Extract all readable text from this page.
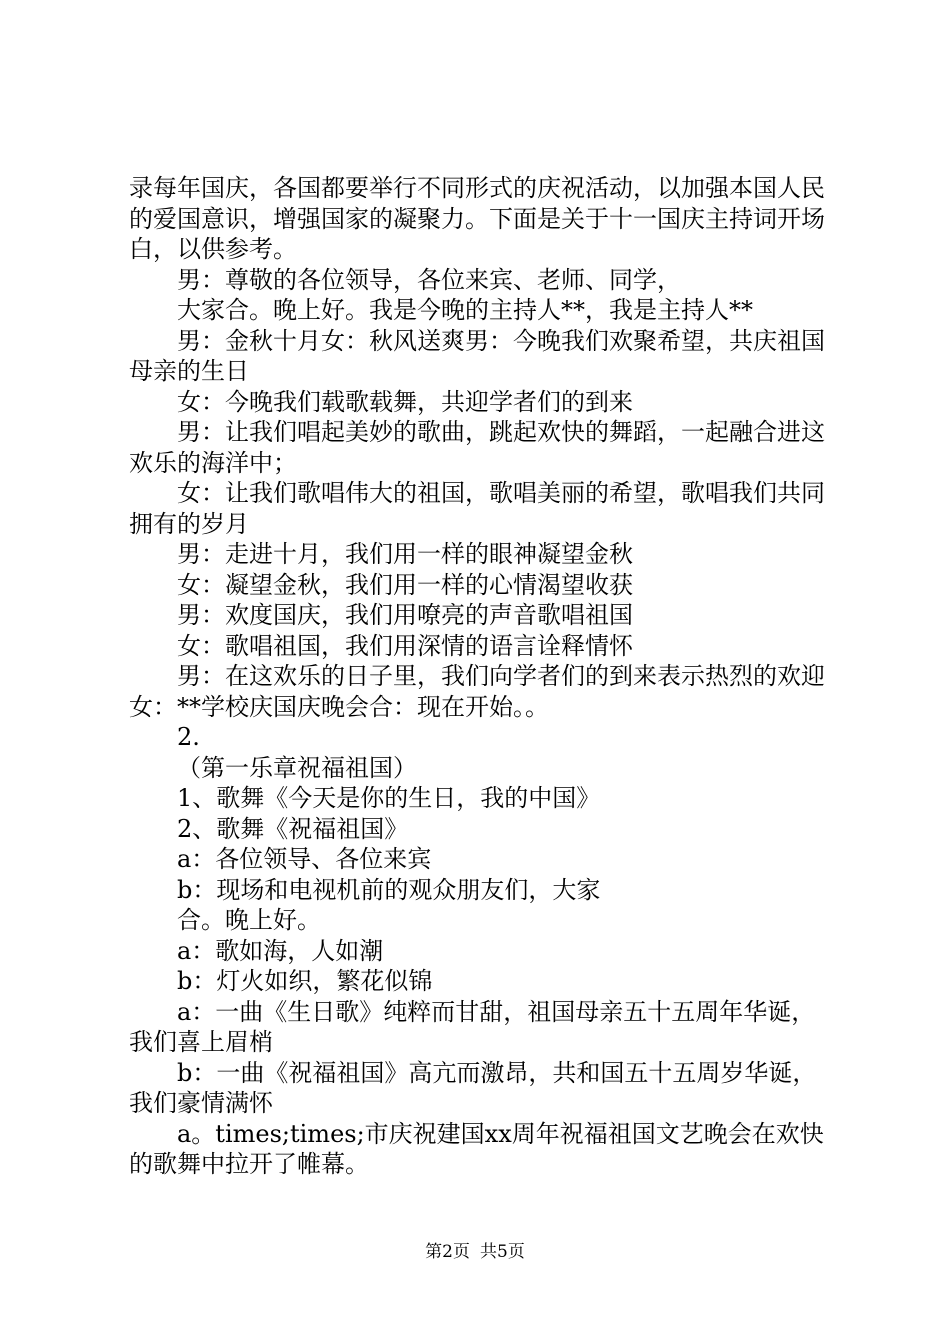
录每年国庆，各国都要举行不同形式的庆祝活动，以加强本国人民的爱国意识，增强国家的凝聚力。下面是关于十一国庆主持词开场白，以供参考。

男：尊敬的各位领导，各位来宾、老师、同学，

大家合。晚上好。我是今晚的主持人**，我是主持人**

男：金秋十月女：秋风送爽男：今晚我们欢聚希望，共庆祖国母亲的生日

女：今晚我们载歌载舞，共迎学者们的到来

男：让我们唱起美妙的歌曲，跳起欢快的舞蹈，一起融合进这欢乐的海洋中；

女：让我们歌唱伟大的祖国，歌唱美丽的希望，歌唱我们共同拥有的岁月

男：走进十月，我们用一样的眼神凝望金秋

女：凝望金秋，我们用一样的心情渴望收获

男：欢度国庆，我们用嘹亮的声音歌唱祖国

女：歌唱祖国，我们用深情的语言诠释情怀

男：在这欢乐的日子里，我们向学者们的到来表示热烈的欢迎女：**学校庆国庆晚会合：现在开始。。

2.

（第一乐章祝福祖国）

1、歌舞《今天是你的生日，我的中国》

2、歌舞《祝福祖国》

a：各位领导、各位来宾

b：现场和电视机前的观众朋友们，大家

合。晚上好。

a：歌如海，人如潮

b：灯火如织，繁花似锦

a：一曲《生日歌》纯粹而甘甜，祖国母亲五十五周年华诞，我们喜上眉梢

b：一曲《祝福祖国》高亢而激昂，共和国五十五周岁华诞，我们豪情满怀

a。times;times;市庆祝建国xx周年祝福祖国文艺晚会在欢快的歌舞中拉开了帷幕。

第2页 共5页
